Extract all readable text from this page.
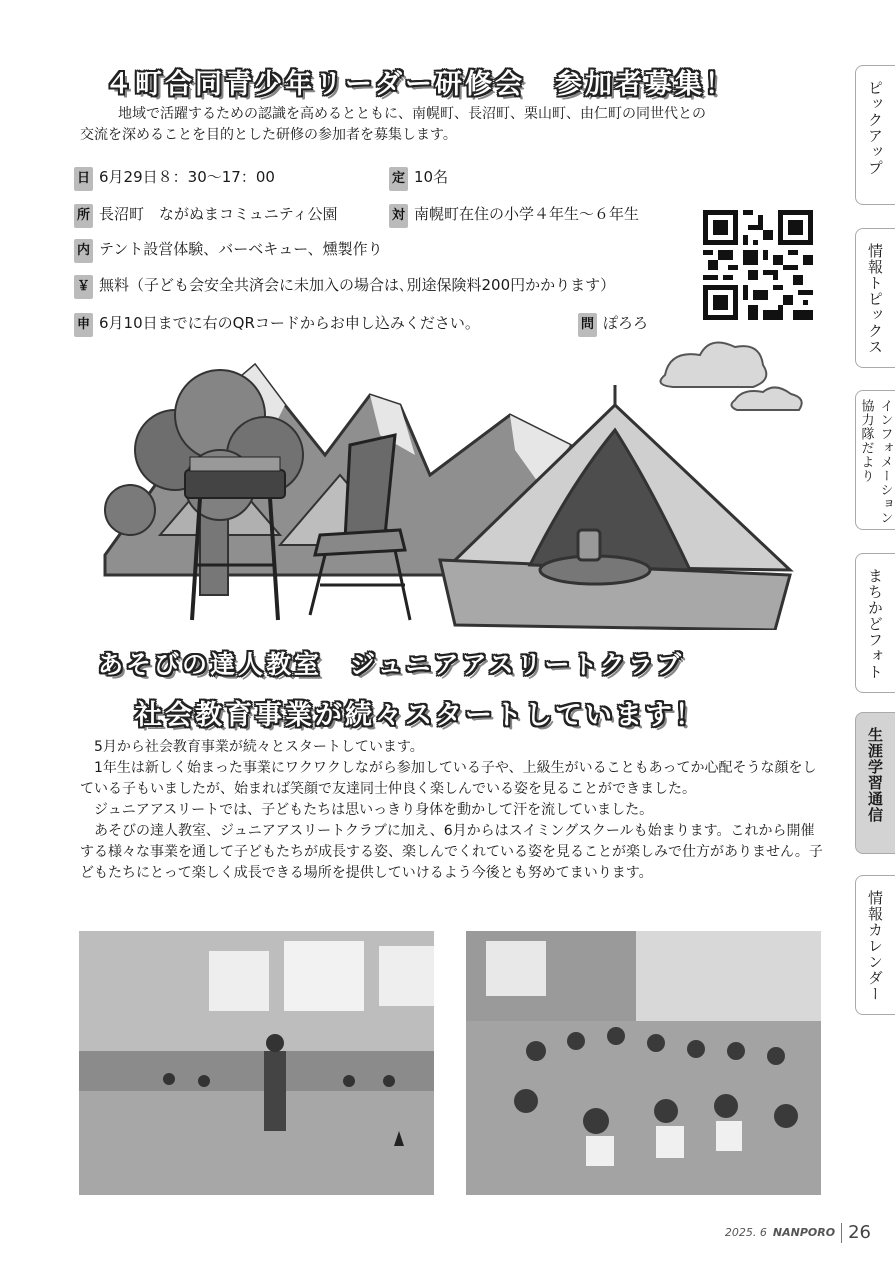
４町合同青少年リーダー研修会　参加者募集！
地域で活躍するための認識を高めるとともに、南幌町、長沼町、栗山町、由仁町の同世代との
交流を深めることを目的とした研修の参加者を募集します。
日 6月29日８：30～17：00	定 10名
所 長沼町　ながぬまコミュニティ公園	対 南幌町在住の小学４年生～６年生
内 テント設営体験、バーベキュー、燻製作り
￥ 無料（子ども会安全共済会に未加入の場合は､別途保険料200円かかります）
申 6月10日までに右のQRコードからお申し込みください。	問 ぽろろ
あそびの達人教室　ジュニアアスリートクラブ
社会教育事業が続々スタートしています！
5月から社会教育事業が続々とスタートしています。
1年生は新しく始まった事業にワクワクしながら参加している子や、上級生がいることもあってか心配そうな顔をしている子もいましたが、始まれば笑顔で友達同士仲良く楽しんでいる姿を見ることができました。
ジュニアアスリートでは、子どもたちは思いっきり身体を動かして汗を流していました。
あそびの達人教室、ジュニアアスリートクラブに加え、6月からはスイミングスクールも始まります。これから開催する様々な事業を通して子どもたちが成長する姿、楽しんでくれている姿を見ることが楽しみで仕方がありません。子どもたちにとって楽しく成長できる場所を提供していけるよう今後とも努めてまいります。
ピックアップ
情報トピックス
インフォメーション 協力隊だより
まちかどフォト
生涯学習通信
情報カレンダー
2025. 6 NANPORO 26
